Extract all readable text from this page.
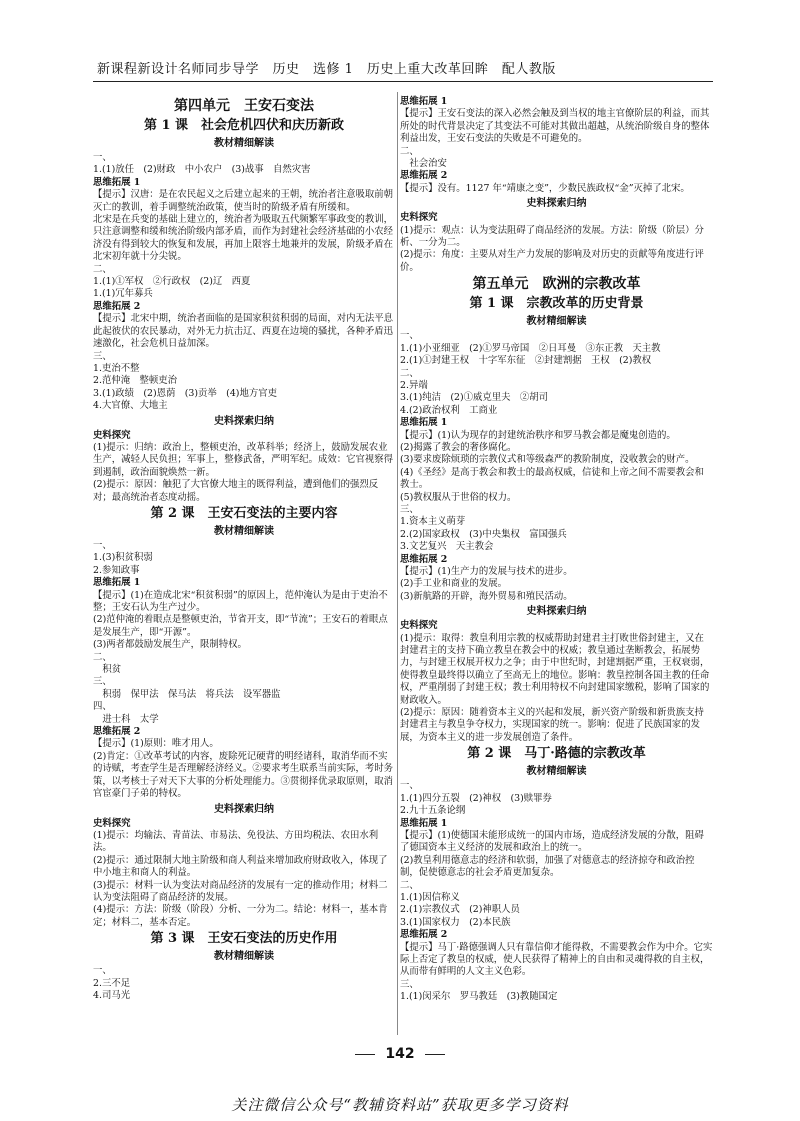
新课程新设计名师同步导学　历史　选修 1　历史上重大改革回眸　配人教版
第四单元　王安石变法
第 1 课　社会危机四伏和庆历新政
教材精细解读
一、
1.(1)放任　(2)财政　中小农户　(3)战事　自然灾害
思维拓展 1
【提示】汉唐：是在农民起义之后建立起来的王朝，统治者注意吸取前朝灭亡的教训，着手调整统治政策，使当时的阶级矛盾有所缓和。
北宋是在兵变的基础上建立的，统治者为吸取五代频繁军事政变的教训，只注意调整和缓和统治阶级内部矛盾，而作为封建社会经济基础的小农经济没有得到较大的恢复和发展，再加上限容土地兼并的发展，阶级矛盾在北宋初年就十分尖锐。
二、
1.(1)①军权　②行政权　(2)辽　西夏
1.(1)冗年募兵
思维拓展 2
【提示】北宋中期，统治者面临的是国家积贫积弱的局面，对内无法平息此起彼伏的农民暴动，对外无力抗击辽、西夏在边境的骚扰，各种矛盾迅速激化，社会危机日益加深。
三、
1.吏治不整
2.范仲淹　整顿吏治
3.(1)政绩　(2)恩荫　(3)贡举　(4)地方官吏
4.大官僚、大地主
史料探索归纳
史料探究
(1)提示：归纳：政治上，整顿吏治，改革科举；经济上，鼓励发展农业生产，减轻人民负担；军事上，整修武备，严明军纪。成效：它官视察得到遏制，政治面貌焕然一新。
(2)提示：原因：触犯了大官僚大地主的既得利益，遭到他们的强烈反对；最高统治者态度动摇。
第 2 课　王安石变法的主要内容
教材精细解读
一、
1.(3)积贫积弱
2.参知政事
思维拓展 1
【提示】(1)在造成北宋“积贫积弱”的原因上，范仲淹认为是由于吏治不整；王安石认为生产过少。
(2)范仲淹的着眼点是整顿吏治，节省开支，即“节流”；王安石的着眼点是发展生产，即“开源”。
(3)两者都鼓励发展生产，限制特权。
二、
　积贫
三、
　积弱　保甲法　保马法　将兵法　设军器监
四、
　进士科　太学
思维拓展 2
【提示】(1)原则：唯才用人。
(2)肯定：①改革考试的内容，废除死记硬背的明经诸科，取消华而不实的诗赋，考查学生是否理解经济经义。②要求考生联系当前实际，考时务策，以考核士子对天下大事的分析处理能力。③贯彻择优录取原则，取消官宦豪门子弟的特权。
史料探索归纳
史料探究
(1)提示：均输法、青苗法、市易法、免役法、方田均税法、农田水利法。
(2)提示：通过限制大地主阶级和商人利益来增加政府财政收入，体现了中小地主和商人的利益。
(3)提示：材料一认为变法对商品经济的发展有一定的推动作用；材料二认为变法阻碍了商品经济的发展。
(4)提示：方法：阶级（阶段）分析、一分为二。结论：材料一，基本肯定；材料二，基本否定。
第 3 课　王安石变法的历史作用
教材精细解读
一、
2.三不足
4.司马光
思维拓展 1
【提示】王安石变法的深入必然会触及到当权的地主官僚阶层的利益，而其所处的时代背景决定了其变法不可能对其做出超越，从统治阶级自身的整体利益出发，王安石变法的失败是不可避免的。
二、
　社会治安
思维拓展 2
【提示】没有。1127 年“靖康之变”，少数民族政权“金”灭掉了北宋。
史料探索归纳
史料探究
(1)提示：观点：认为变法阻碍了商品经济的发展。方法：阶级（阶层）分析、一分为二。
(2)提示：角度：主要从对生产力发展的影响及对历史的贡献等角度进行评价。
第五单元　欧洲的宗教改革
第 1 课　宗教改革的历史背景
教材精细解读
一、
1.(1)小亚细亚　(2)①罗马帝国　②日耳曼　③东正教　天主教
2.(1)①封建王权　十字军东征　②封建割据　王权　(2)教权
二、
2.异端
3.(1)纯洁　(2)①威克里夫　②胡司
4.(2)政治权利　工商业
思维拓展 1
【提示】(1)认为现存的封建统治秩序和罗马教会都是魔鬼创造的。
(2)揭露了教会的奢侈腐化。
(3)要求废除烦琐的宗教仪式和等级森严的教阶制度，没收教会的财产。
(4)《圣经》是高于教会和教士的最高权威，信徒和上帝之间不需要教会和教士。
(5)教权服从于世俗的权力。
三、
1.资本主义萌芽
2.(2)国家政权　(3)中央集权　富国强兵
3.文艺复兴　天主教会
思维拓展 2
【提示】(1)生产力的发展与技术的进步。
(2)手工业和商业的发展。
(3)新航路的开辟，海外贸易和殖民活动。
史料探索归纳
史料探究
(1)提示：取得：教皇利用宗教的权威帮助封建君主打败世俗封建主，又在封建君主的支持下确立教皇在教会中的权威；教皇通过垄断教会，拓展势力，与封建王权展开权力之争；由于中世纪时，封建割据严重，王权衰弱，使得教皇最终得以确立了至高无上的地位。影响：教皇控制各国主教的任命权，严重削弱了封建王权；教士利用特权不向封建国家缴税，影响了国家的财政收入。
(2)提示：原因：随着资本主义的兴起和发展，新兴资产阶级和新贵族支持封建君主与教皇争夺权力，实现国家的统一。影响：促进了民族国家的发展，为资本主义的进一步发展创造了条件。
第 2 课　马丁·路德的宗教改革
教材精细解读
一、
1.(1)四分五裂　(2)神权　(3)赎罪券
2.九十五条论纲
思维拓展 1
【提示】(1)使德国未能形成统一的国内市场，造成经济发展的分散，阻碍了德国资本主义经济的发展和政治上的统一。
(2)教皇利用德意志的经济和软弱，加强了对德意志的经济掠夺和政治控制，促使德意志的社会矛盾更加复杂。
二、
1.(1)因信称义
2.(1)宗教仪式　(2)神职人员
3.(1)国家权力　(2)本民族
思维拓展 2
【提示】马丁·路德强调人只有靠信仰才能得救，不需要教会作为中介。它实际上否定了教皇的权威，使人民获得了精神上的自由和灵魂得救的自主权，从而带有鲜明的人文主义色彩。
三、
1.(1)闵采尔　罗马教廷　(3)教随国定
142
关注微信公众号“教辅资料站”获取更多学习资料
